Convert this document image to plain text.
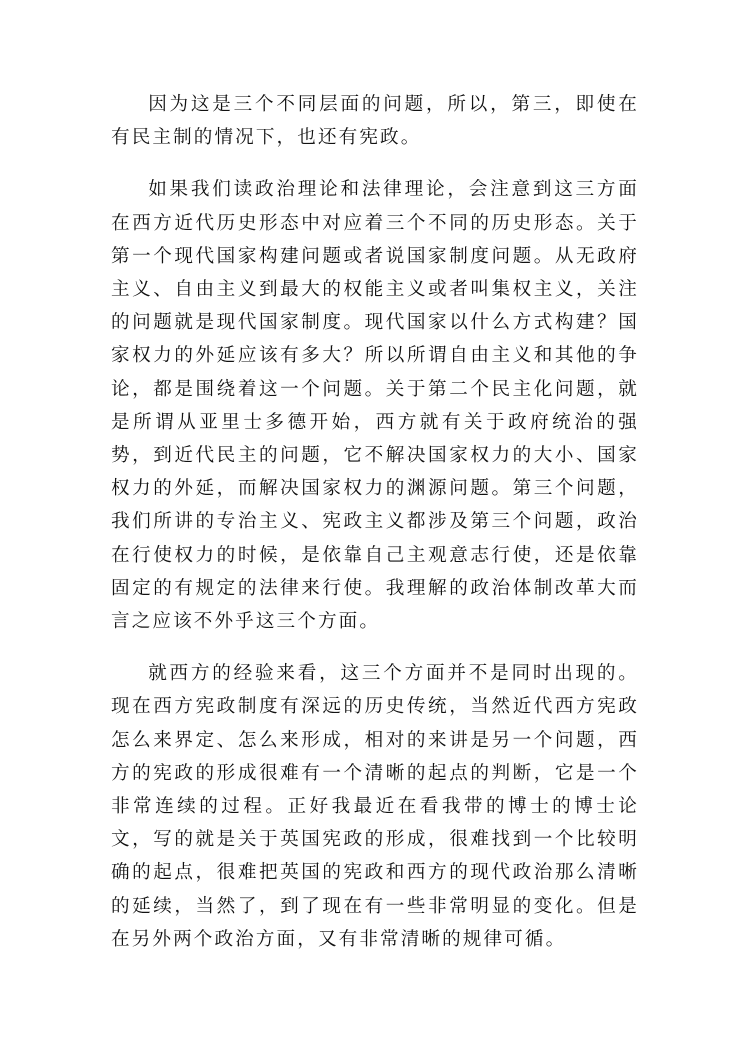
因为这是三个不同层面的问题，所以，第三，即使在有民主制的情况下，也还有宪政。

如果我们读政治理论和法律理论，会注意到这三方面在西方近代历史形态中对应着三个不同的历史形态。关于第一个现代国家构建问题或者说国家制度问题。从无政府主义、自由主义到最大的权能主义或者叫集权主义，关注的问题就是现代国家制度。现代国家以什么方式构建？国家权力的外延应该有多大？所以所谓自由主义和其他的争论，都是围绕着这一个问题。关于第二个民主化问题，就是所谓从亚里士多德开始，西方就有关于政府统治的强势，到近代民主的问题，它不解决国家权力的大小、国家权力的外延，而解决国家权力的渊源问题。第三个问题，我们所讲的专治主义、宪政主义都涉及第三个问题，政治在行使权力的时候，是依靠自己主观意志行使，还是依靠固定的有规定的法律来行使。我理解的政治体制改革大而言之应该不外乎这三个方面。

就西方的经验来看，这三个方面并不是同时出现的。现在西方宪政制度有深远的历史传统，当然近代西方宪政怎么来界定、怎么来形成，相对的来讲是另一个问题，西方的宪政的形成很难有一个清晰的起点的判断，它是一个非常连续的过程。正好我最近在看我带的博士的博士论文，写的就是关于英国宪政的形成，很难找到一个比较明确的起点，很难把英国的宪政和西方的现代政治那么清晰的延续，当然了，到了现在有一些非常明显的变化。但是在另外两个政治方面，又有非常清晰的规律可循。
